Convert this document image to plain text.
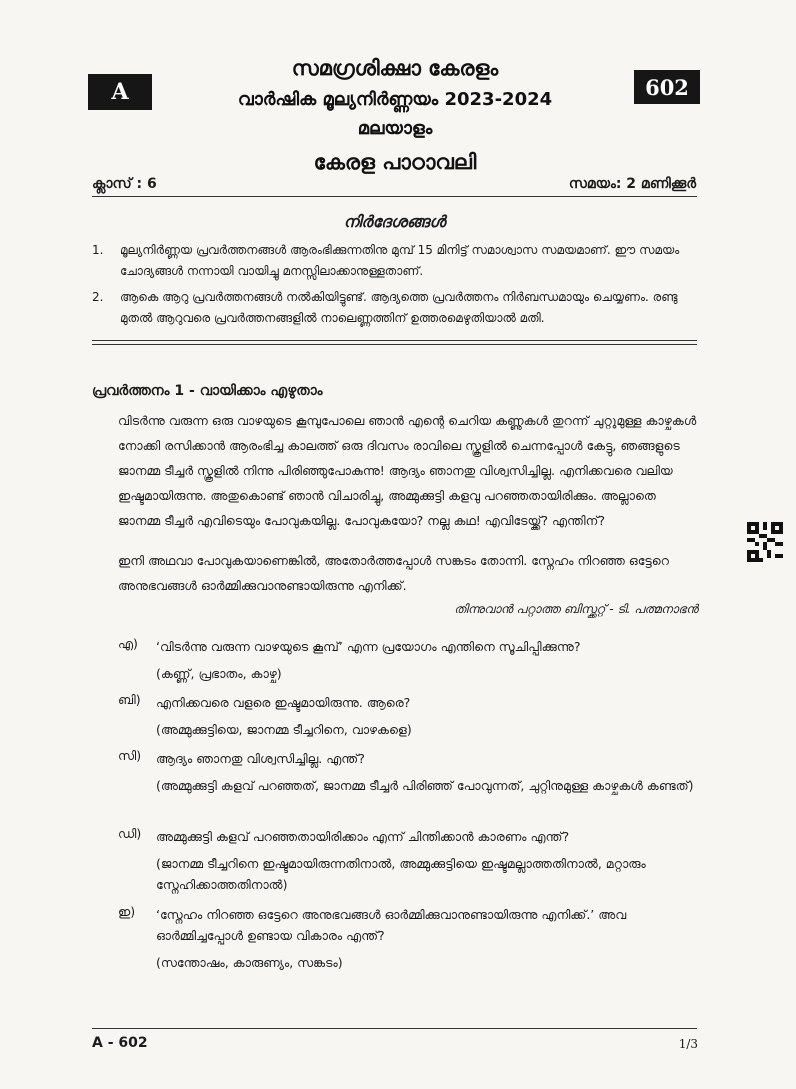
A	602
സമഗ്രശിക്ഷാ കേരളം
വാർഷിക മൂല്യനിർണ്ണയം 2023-2024
മലയാളം
കേരള പാഠാവലി
ക്ലാസ് : 6	സമയം: 2 മണിക്കൂർ
നിർദേശങ്ങൾ
1.	മൂല്യനിർണ്ണയ പ്രവർത്തനങ്ങൾ ആരംഭിക്കുന്നതിനു മുമ്പ് 15 മിനിട്ട് സമാശ്വാസ സമയമാണ്. ഈ സമയം ചോദ്യങ്ങൾ നന്നായി വായിച്ചു മനസ്സിലാക്കാനുള്ളതാണ്.
2.	ആകെ ആറു പ്രവർത്തനങ്ങൾ നൽകിയിട്ടുണ്ട്. ആദ്യത്തെ പ്രവർത്തനം നിർബന്ധമായും ചെയ്യണം. രണ്ടു മുതൽ ആറുവരെ പ്രവർത്തനങ്ങളിൽ നാലെണ്ണത്തിന് ഉത്തരമെഴുതിയാൽ മതി.
പ്രവർത്തനം 1 - വായിക്കാം എഴുതാം
വിടർന്നു വരുന്ന ഒരു വാഴയുടെ കൂമ്പുപോലെ ഞാൻ എന്റെ ചെറിയ കണ്ണുകൾ തുറന്ന് ചുറ്റുമുള്ള കാഴ്ചകൾ നോക്കി രസിക്കാൻ ആരംഭിച്ച കാലത്ത് ഒരു ദിവസം രാവിലെ സ്കൂളിൽ ചെന്നപ്പോൾ കേട്ടു, ഞങ്ങളുടെ ജാനമ്മ ടീച്ചർ സ്കൂളിൽ നിന്നു പിരിഞ്ഞുപോകുന്നു! ആദ്യം ഞാനതു വിശ്വസിച്ചില്ല. എനിക്കവരെ വലിയ ഇഷ്ടമായിരുന്നു. അതുകൊണ്ട് ഞാൻ വിചാരിച്ചു, അമ്മുക്കുട്ടി കളവു പറഞ്ഞതായിരിക്കും. അല്ലാതെ ജാനമ്മ ടീച്ചർ എവിടെയും പോവുകയില്ല. പോവുകയോ? നല്ല കഥ! എവിടേയ്ക്ക്? എന്തിന്?
ഇനി അഥവാ പോവുകയാണെങ്കിൽ, അതോർത്തപ്പോൾ സങ്കടം തോന്നി. സ്നേഹം നിറഞ്ഞ ഒട്ടേറെ അനുഭവങ്ങൾ ഓർമ്മിക്കുവാനുണ്ടായിരുന്നു എനിക്ക്.
തിന്നുവാൻ പറ്റാത്ത ബിസ്ക്കറ്റ് - ടി. പത്മനാഭൻ
എ)	‘വിടർന്നു വരുന്ന വാഴയുടെ കൂമ്പ്’ എന്ന പ്രയോഗം എന്തിനെ സൂചിപ്പിക്കുന്നു?
(കണ്ണ്, പ്രഭാതം, കാഴ്ച)
ബി)	എനിക്കവരെ വളരെ ഇഷ്ടമായിരുന്നു. ആരെ?
(അമ്മുക്കുട്ടിയെ, ജാനമ്മ ടീച്ചറിനെ, വാഴകളെ)
സി)	ആദ്യം ഞാനതു വിശ്വസിച്ചില്ല. എന്ത്?
(അമ്മുക്കുട്ടി കളവ് പറഞ്ഞത്, ജാനമ്മ ടീച്ചർ പിരിഞ്ഞ് പോവുന്നത്, ചുറ്റിനുമുള്ള കാഴ്ചകൾ കണ്ടത്)
ഡി)	അമ്മുക്കുട്ടി കളവ് പറഞ്ഞതായിരിക്കാം എന്ന് ചിന്തിക്കാൻ കാരണം എന്ത്?
(ജാനമ്മ ടീച്ചറിനെ ഇഷ്ടമായിരുന്നതിനാൽ, അമ്മുക്കുട്ടിയെ ഇഷ്ടമല്ലാത്തതിനാൽ, മറ്റാരും സ്നേഹിക്കാത്തതിനാൽ)
ഇ)	‘സ്നേഹം നിറഞ്ഞ ഒട്ടേറെ അനുഭവങ്ങൾ ഓർമ്മിക്കുവാനുണ്ടായിരുന്നു എനിക്ക്.’ അവ ഓർമ്മിച്ചപ്പോൾ ഉണ്ടായ വികാരം എന്ത്?
(സന്തോഷം, കാരുണ്യം, സങ്കടം)
A - 602	1/3
